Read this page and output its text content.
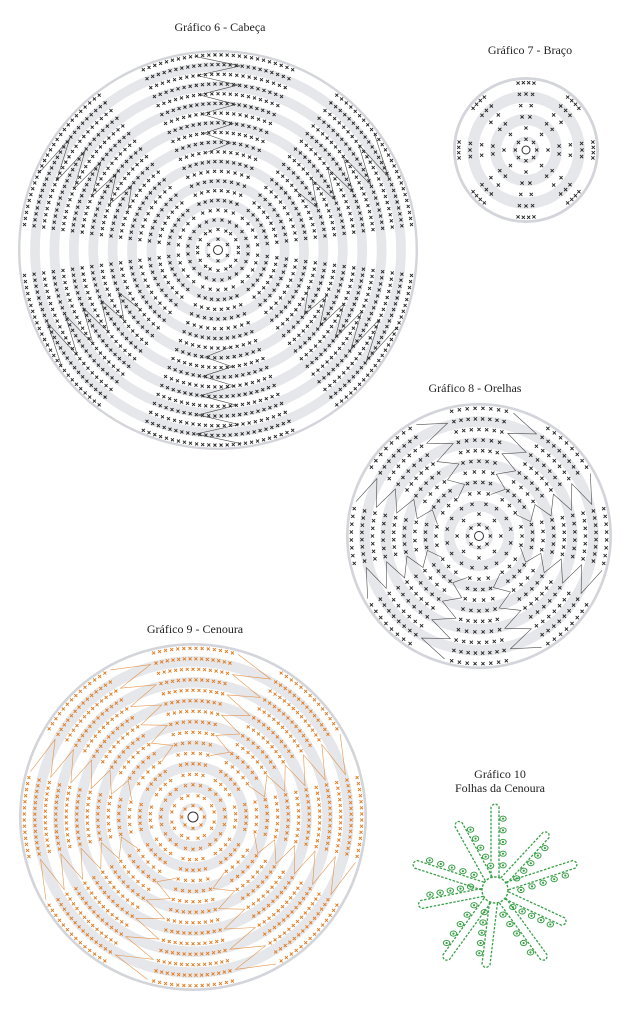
Gráfico 6 - Cabeça
Gráfico 7 - Braço
Gráfico 8 - Orelhas
Gráfico 9 - Cenoura
Gráfico 10
Folhas da Cenoura
